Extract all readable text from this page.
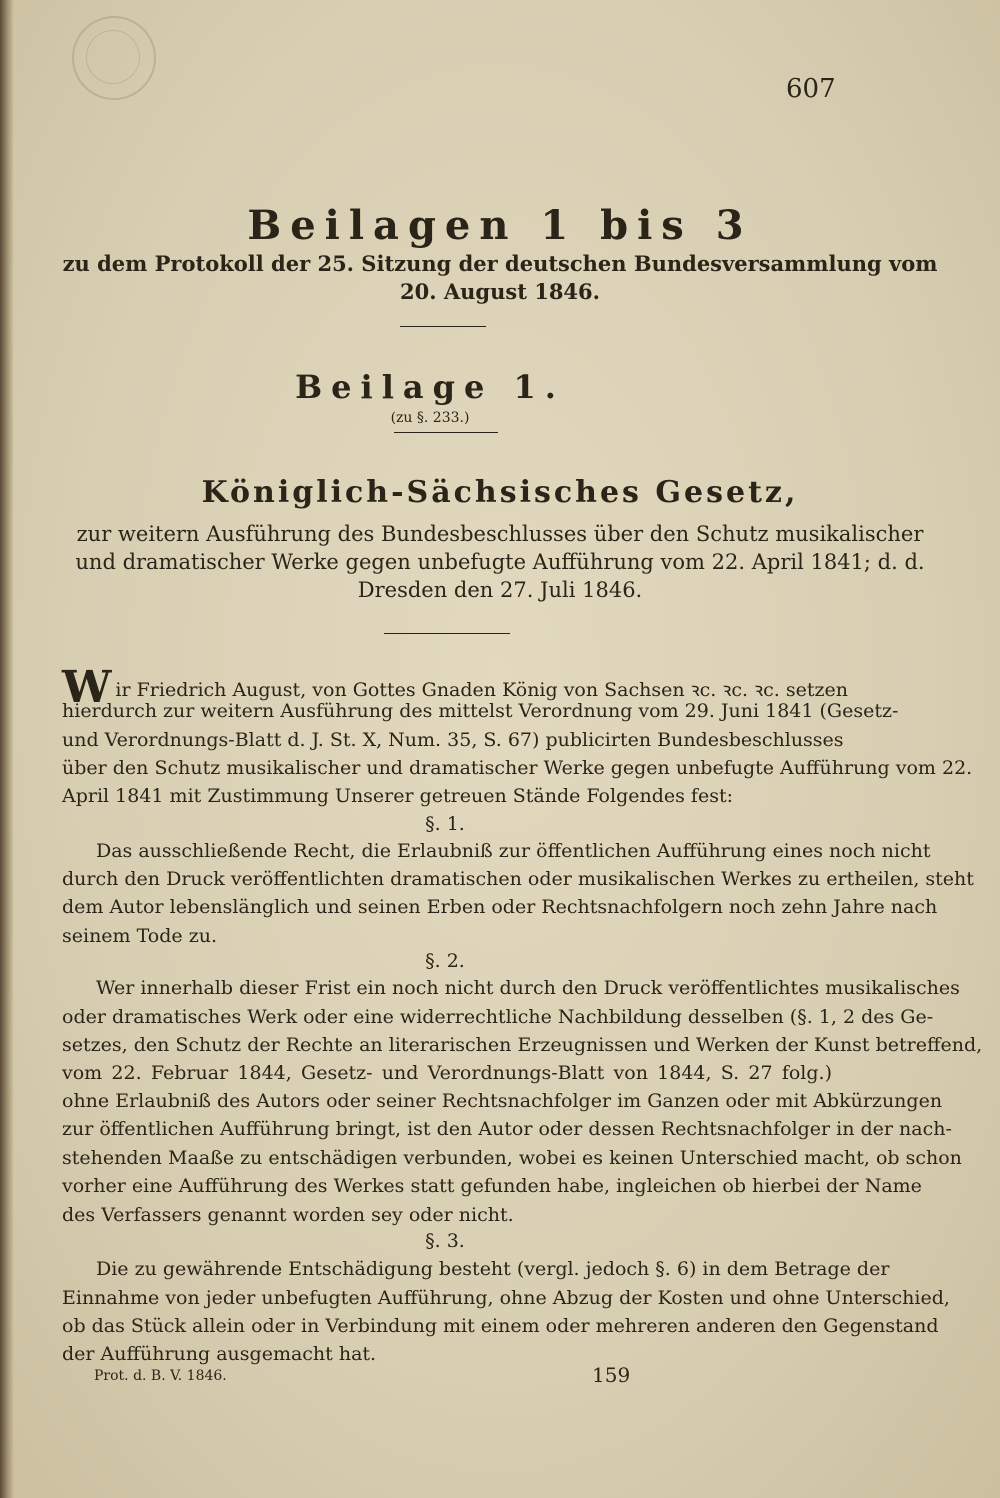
607
Beilagen 1 bis 3
zu dem Protokoll der 25. Sitzung der deutschen Bundesversammlung vom 20. August 1846.
Beilage 1.
(zu §. 233.)
Königlich-Sächsisches Gesetz,
zur weitern Ausführung des Bundesbeschlusses über den Schutz musikalischer und dramatischer Werke gegen unbefugte Aufführung vom 22. April 1841; d. d. Dresden den 27. Juli 1846.
Wir Friedrich August, von Gottes Gnaden König von Sachsen ꝛc. ꝛc. ꝛc. setzen
hierdurch zur weitern Ausführung des mittelst Verordnung vom 29. Juni 1841 (Gesetz-
und Verordnungs-Blatt d. J. St. X, Num. 35, S. 67) publicirten Bundesbeschlusses
über den Schutz musikalischer und dramatischer Werke gegen unbefugte Aufführung vom 22.
April 1841 mit Zustimmung Unserer getreuen Stände Folgendes fest:
§. 1.
Das ausschließende Recht, die Erlaubniß zur öffentlichen Aufführung eines noch nicht
durch den Druck veröffentlichten dramatischen oder musikalischen Werkes zu ertheilen, steht
dem Autor lebenslänglich und seinen Erben oder Rechtsnachfolgern noch zehn Jahre nach
seinem Tode zu.
§. 2.
Wer innerhalb dieser Frist ein noch nicht durch den Druck veröffentlichtes musikalisches
oder dramatisches Werk oder eine widerrechtliche Nachbildung desselben (§. 1, 2 des Ge-
setzes, den Schutz der Rechte an literarischen Erzeugnissen und Werken der Kunst betreffend,
vom 22. Februar 1844, Gesetz- und Verordnungs-Blatt von 1844, S. 27 folg.)
ohne Erlaubniß des Autors oder seiner Rechtsnachfolger im Ganzen oder mit Abkürzungen
zur öffentlichen Aufführung bringt, ist den Autor oder dessen Rechtsnachfolger in der nach-
stehenden Maaße zu entschädigen verbunden, wobei es keinen Unterschied macht, ob schon
vorher eine Aufführung des Werkes statt gefunden habe, ingleichen ob hierbei der Name
des Verfassers genannt worden sey oder nicht.
§. 3.
Die zu gewährende Entschädigung besteht (vergl. jedoch §. 6) in dem Betrage der
Einnahme von jeder unbefugten Aufführung, ohne Abzug der Kosten und ohne Unterschied,
ob das Stück allein oder in Verbindung mit einem oder mehreren anderen den Gegenstand
der Aufführung ausgemacht hat.
Prot. d. B. V. 1846.	159
